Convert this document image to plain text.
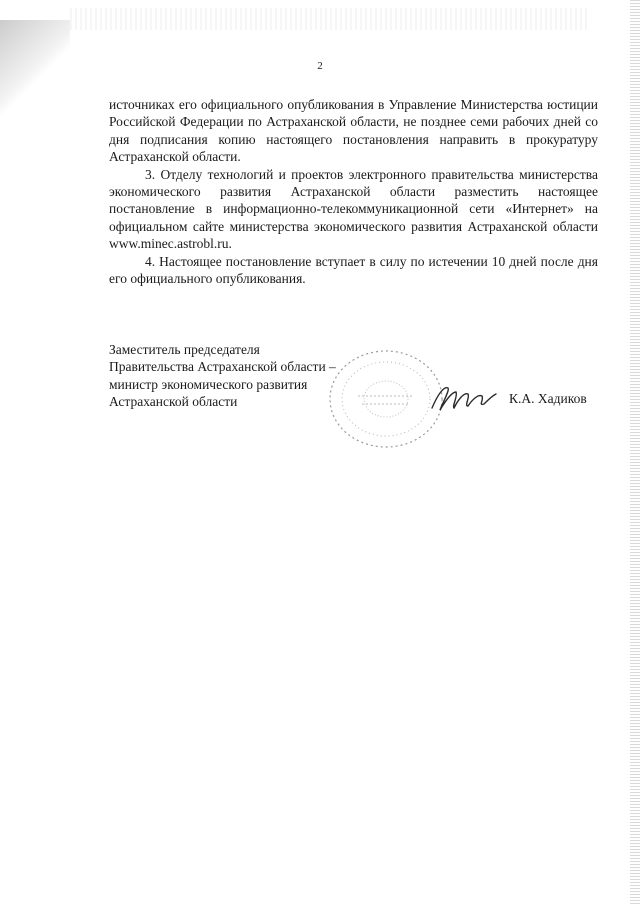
2

источниках его официального опубликования в Управление Министерства юстиции Российской Федерации по Астраханской области, не позднее семи рабочих дней со дня подписания копию настоящего постановления направить в прокуратуру Астраханской области.

3. Отделу технологий и проектов электронного правительства министерства экономического развития Астраханской области разместить настоящее постановление в информационно-телекоммуникационной сети «Интернет» на официальном сайте министерства экономического развития Астраханской области www.minec.astrobl.ru.

4. Настоящее постановление вступает в силу по истечении 10 дней после дня его официального опубликования.

Заместитель председателя
Правительства Астраханской области –
министр экономического развития
Астраханской области	К.А. Хадиков
